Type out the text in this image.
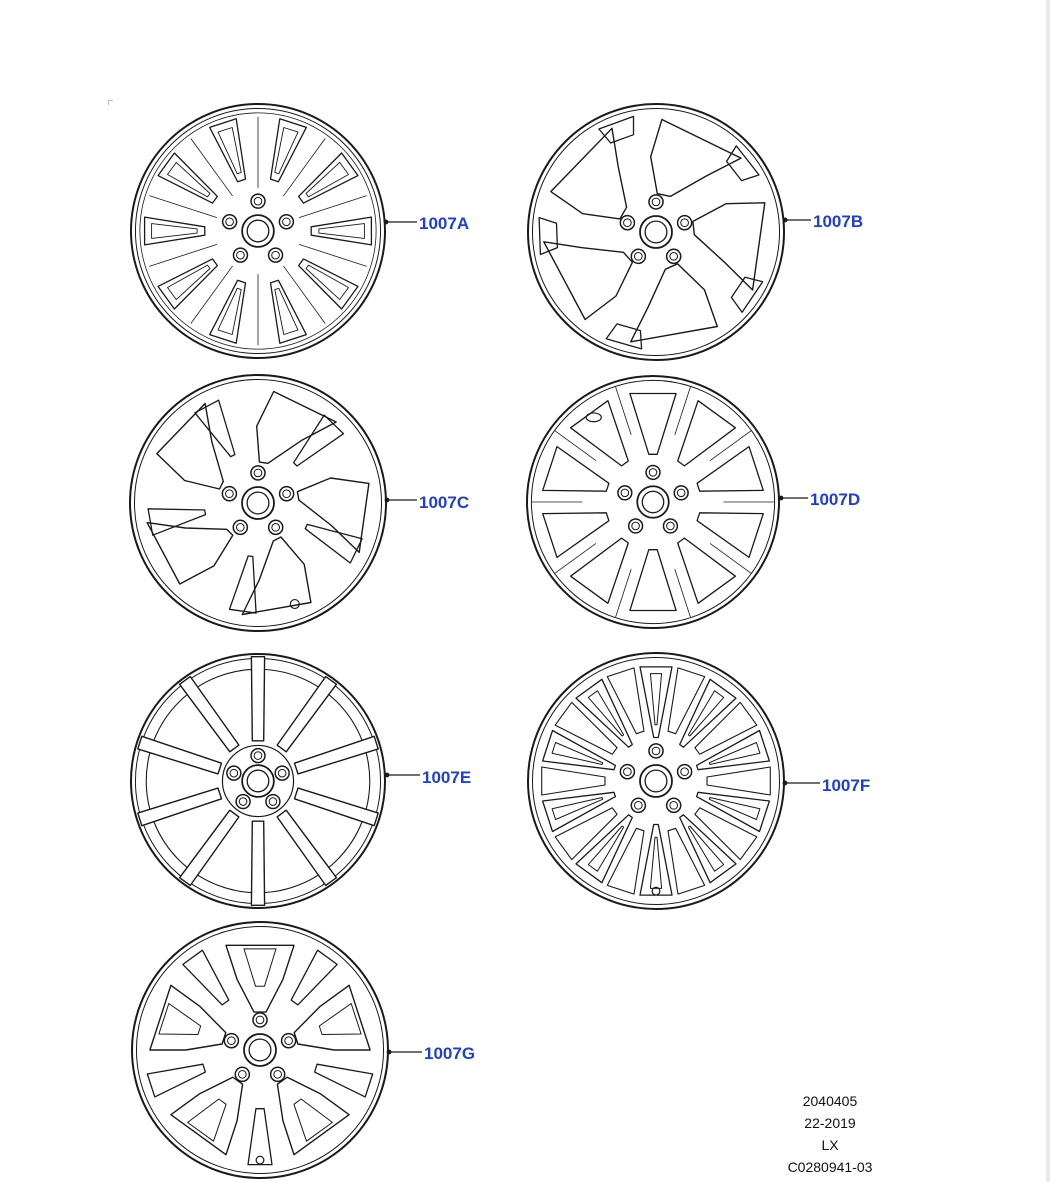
1007A	1007B
1007C	1007D
1007E	1007F
1007G
2040405
22-2019
LX
C0280941-03
